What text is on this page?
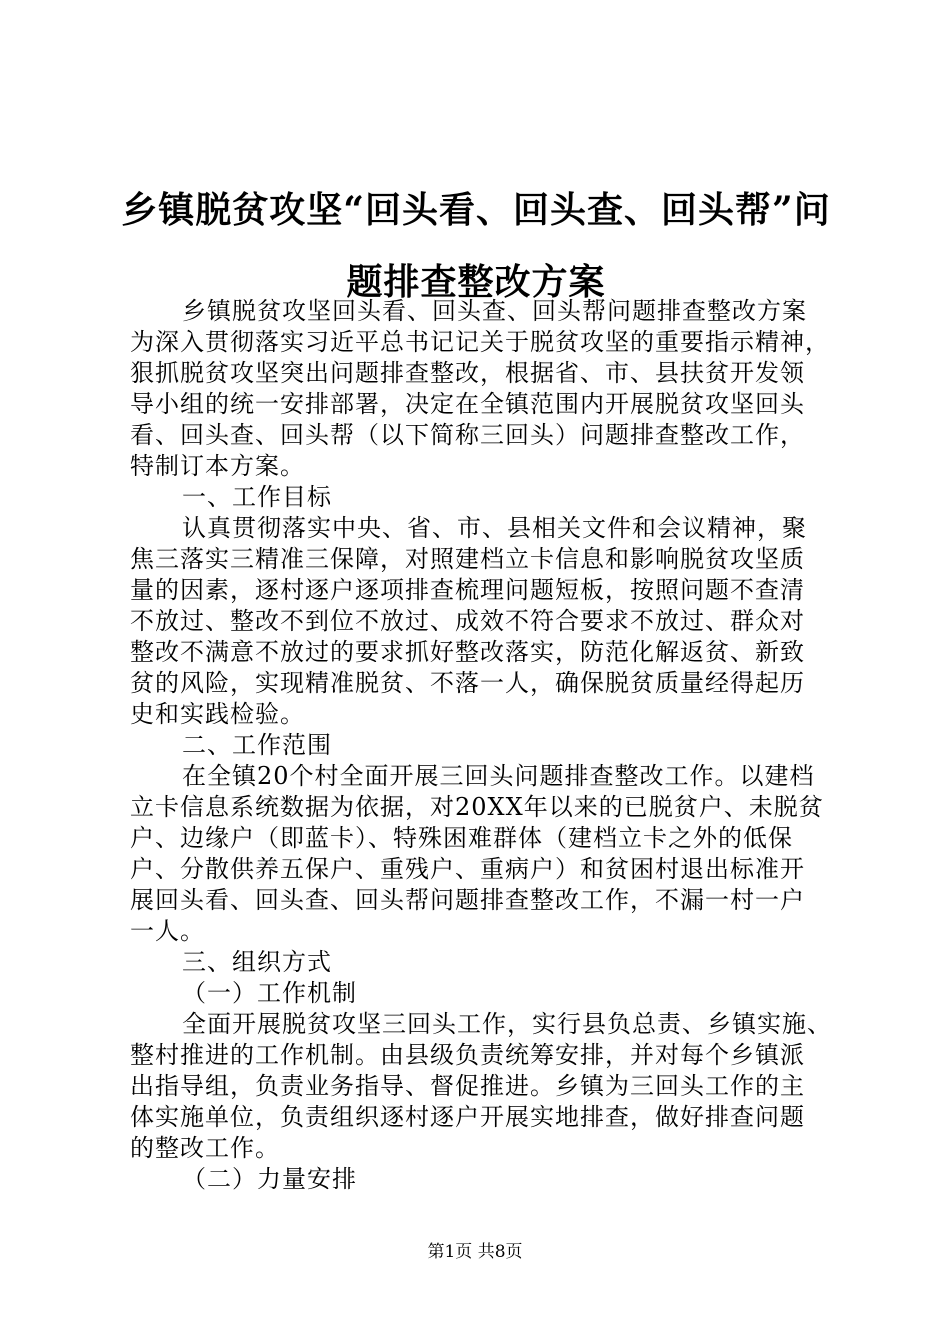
乡镇脱贫攻坚“回头看、回头查、回头帮”问
题排查整改方案
乡镇脱贫攻坚回头看、回头查、回头帮问题排查整改方案
为深入贯彻落实习近平总书记记关于脱贫攻坚的重要指示精神，
狠抓脱贫攻坚突出问题排查整改，根据省、市、县扶贫开发领
导小组的统一安排部署，决定在全镇范围内开展脱贫攻坚回头
看、回头查、回头帮（以下简称三回头）问题排查整改工作，
特制订本方案。
一、工作目标
认真贯彻落实中央、省、市、县相关文件和会议精神，聚
焦三落实三精准三保障，对照建档立卡信息和影响脱贫攻坚质
量的因素，逐村逐户逐项排查梳理问题短板，按照问题不查清
不放过、整改不到位不放过、成效不符合要求不放过、群众对
整改不满意不放过的要求抓好整改落实，防范化解返贫、新致
贫的风险，实现精准脱贫、不落一人，确保脱贫质量经得起历
史和实践检验。
二、工作范围
在全镇20个村全面开展三回头问题排查整改工作。以建档
立卡信息系统数据为依据，对20XX年以来的已脱贫户、未脱贫
户、边缘户（即蓝卡）、特殊困难群体（建档立卡之外的低保
户、分散供养五保户、重残户、重病户）和贫困村退出标准开
展回头看、回头查、回头帮问题排查整改工作，不漏一村一户
一人。
三、组织方式
（一）工作机制
全面开展脱贫攻坚三回头工作，实行县负总责、乡镇实施、
整村推进的工作机制。由县级负责统筹安排，并对每个乡镇派
出指导组，负责业务指导、督促推进。乡镇为三回头工作的主
体实施单位，负责组织逐村逐户开展实地排查，做好排查问题
的整改工作。
（二）力量安排
第1页 共8页
